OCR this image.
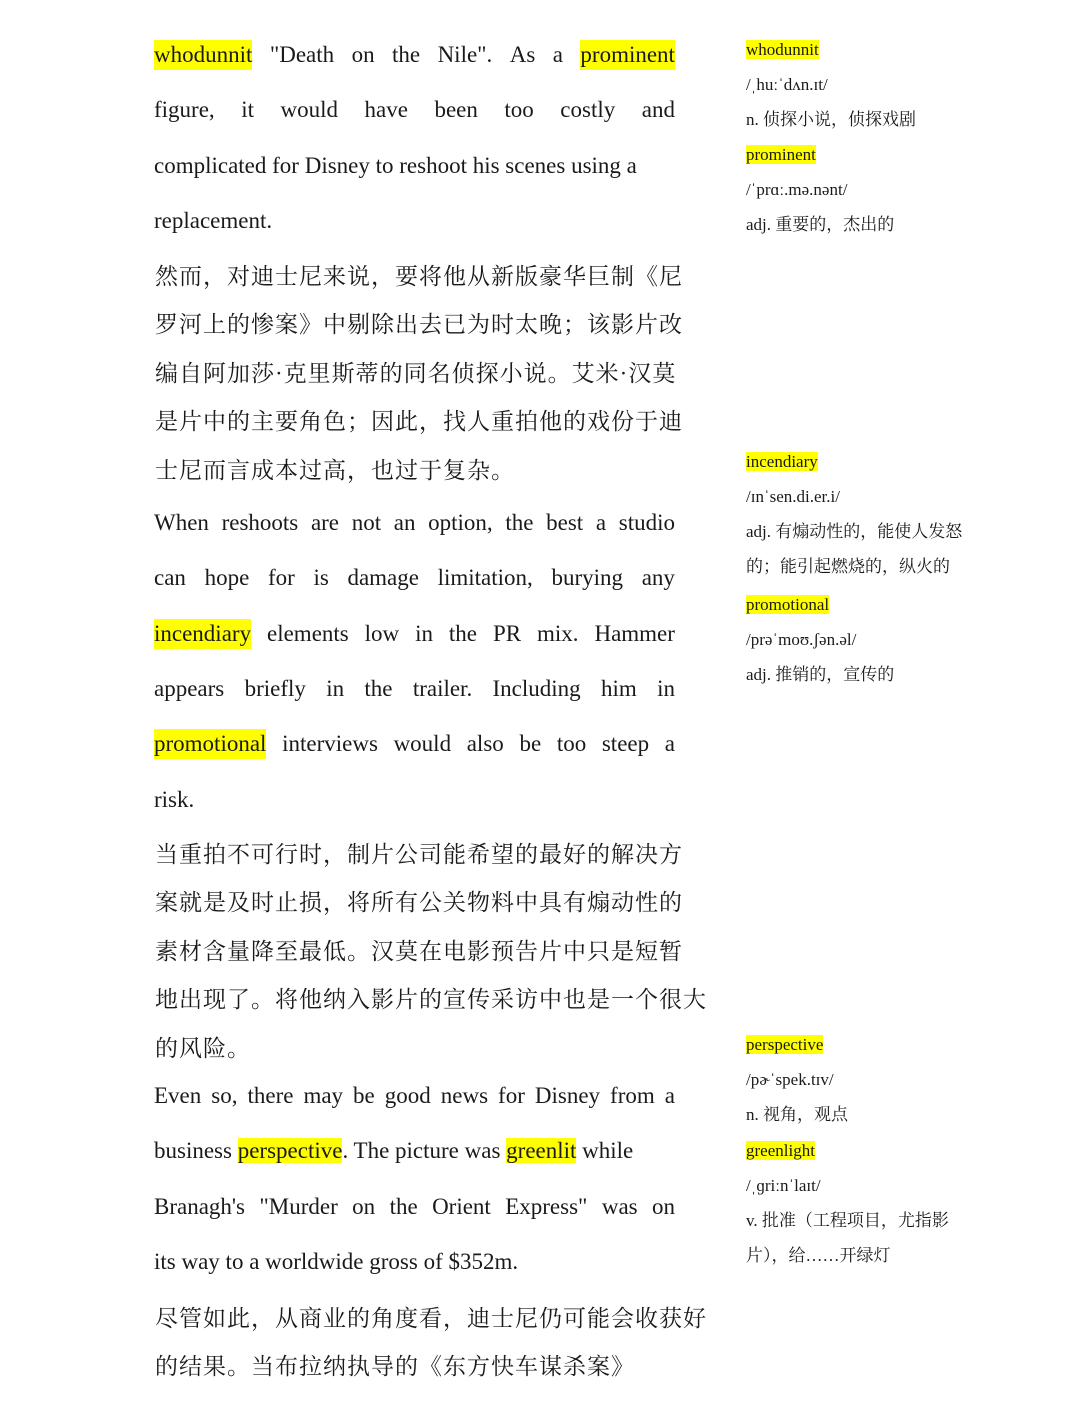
whodunnit "Death on the Nile". As a prominent
figure, it would have been too costly and
complicated for Disney to reshoot his scenes using a
replacement.
然而，对迪士尼来说，要将他从新版豪华巨制《尼
罗河上的惨案》中剔除出去已为时太晚；该影片改
编自阿加莎·克里斯蒂的同名侦探小说。艾米·汉莫
是片中的主要角色；因此，找人重拍他的戏份于迪
士尼而言成本过高，也过于复杂。
When reshoots are not an option, the best a studio
can hope for is damage limitation, burying any
incendiary elements low in the PR mix. Hammer
appears briefly in the trailer. Including him in
promotional interviews would also be too steep a
risk.
当重拍不可行时，制片公司能希望的最好的解决方
案就是及时止损，将所有公关物料中具有煽动性的
素材含量降至最低。汉莫在电影预告片中只是短暂
地出现了。将他纳入影片的宣传采访中也是一个很大
的风险。
Even so, there may be good news for Disney from a
business perspective. The picture was greenlit while
Branagh's "Murder on the Orient Express" was on
its way to a worldwide gross of $352m.
尽管如此，从商业的角度看，迪士尼仍可能会收获好
的结果。当布拉纳执导的《东方快车谋杀案》
whodunnit
/ˌhuːˈdʌn.ɪt/
n. 侦探小说，侦探戏剧
prominent
/ˈprɑː.mə.nənt/
adj. 重要的，杰出的
incendiary
/ɪnˈsen.di.er.i/
adj. 有煽动性的，能使人发怒
的；能引起燃烧的，纵火的
promotional
/prəˈmoʊ.ʃən.əl/
adj. 推销的，宣传的
perspective
/pɚˈspek.tɪv/
n. 视角，观点
greenlight
/ˌɡriːnˈlaɪt/
v. 批准（工程项目，尤指影
片），给……开绿灯
